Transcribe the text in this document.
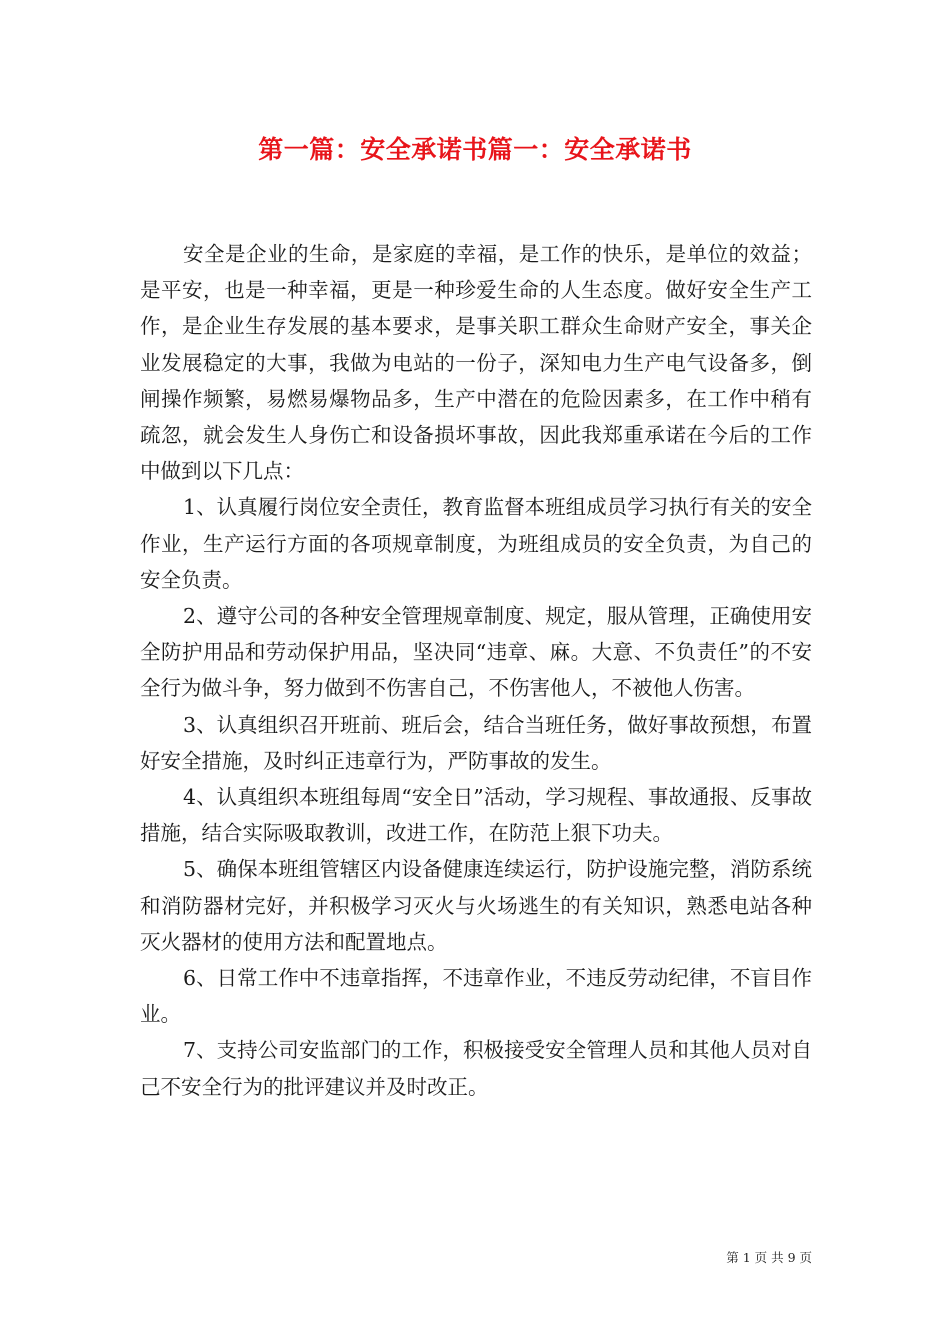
第一篇：安全承诺书篇一：安全承诺书

安全是企业的生命，是家庭的幸福，是工作的快乐，是单位的效益；是平安，也是一种幸福，更是一种珍爱生命的人生态度。做好安全生产工作，是企业生存发展的基本要求，是事关职工群众生命财产安全，事关企业发展稳定的大事，我做为电站的一份子，深知电力生产电气设备多，倒闸操作频繁，易燃易爆物品多，生产中潜在的危险因素多，在工作中稍有疏忽，就会发生人身伤亡和设备损坏事故，因此我郑重承诺在今后的工作中做到以下几点：

1、认真履行岗位安全责任，教育监督本班组成员学习执行有关的安全作业，生产运行方面的各项规章制度，为班组成员的安全负责，为自己的安全负责。

2、遵守公司的各种安全管理规章制度、规定，服从管理，正确使用安全防护用品和劳动保护用品，坚决同“违章、麻。大意、不负责任”的不安全行为做斗争，努力做到不伤害自己，不伤害他人，不被他人伤害。

3、认真组织召开班前、班后会，结合当班任务，做好事故预想，布置好安全措施，及时纠正违章行为，严防事故的发生。

4、认真组织本班组每周“安全日”活动，学习规程、事故通报、反事故措施，结合实际吸取教训，改进工作，在防范上狠下功夫。

5、确保本班组管辖区内设备健康连续运行，防护设施完整，消防系统和消防器材完好，并积极学习灭火与火场逃生的有关知识，熟悉电站各种灭火器材的使用方法和配置地点。

6、日常工作中不违章指挥，不违章作业，不违反劳动纪律，不盲目作业。

7、支持公司安监部门的工作，积极接受安全管理人员和其他人员对自己不安全行为的批评建议并及时改正。

第 1 页 共 9 页
